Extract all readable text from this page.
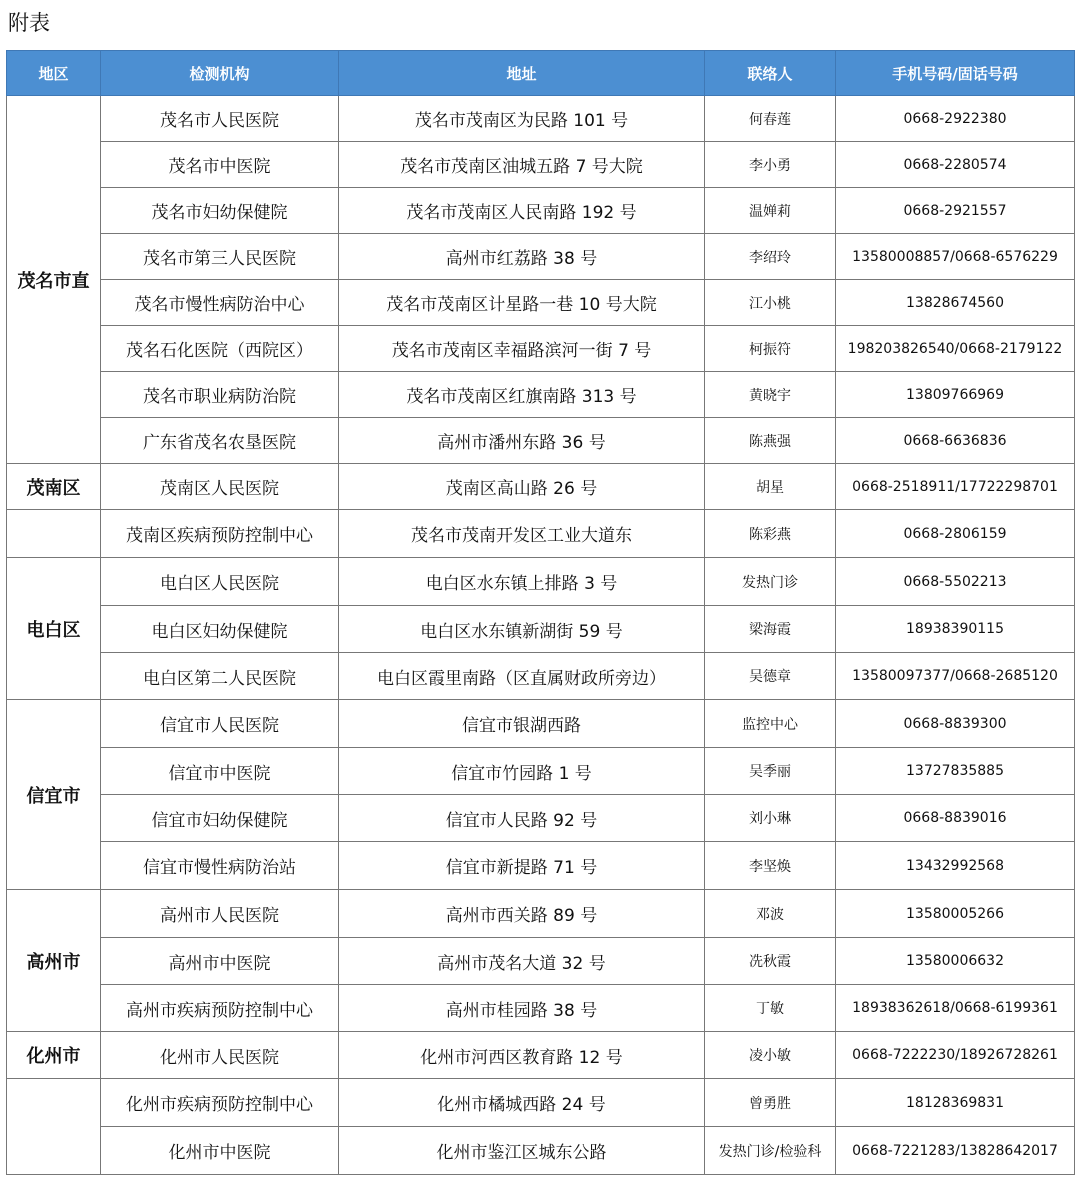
附表
地区	检测机构	地址	联络人	手机号码/固话号码
茂名市直	茂名市人民医院	茂名市茂南区为民路 101 号	何春莲	0668-2922380
	茂名市中医院	茂名市茂南区油城五路 7 号大院	李小勇	0668-2280574
	茂名市妇幼保健院	茂名市茂南区人民南路 192 号	温婵莉	0668-2921557
	茂名市第三人民医院	高州市红荔路 38 号	李绍玲	13580008857/0668-6576229
	茂名市慢性病防治中心	茂名市茂南区计星路一巷 10 号大院	江小桃	13828674560
	茂名石化医院（西院区）	茂名市茂南区幸福路滨河一街 7 号	柯振符	19820382654​0/0668-2179122
	茂名市职业病防治院	茂名市茂南区红旗南路 313 号	黄晓宇	13809766969
	广东省茂名农垦医院	高州市潘州东路 36 号	陈燕强	0668-6636836
茂南区	茂南区人民医院	茂南区高山路 26 号	胡星	0668-2518911/17722298701
	茂南区疾病预防控制中心	茂名市茂南开发区工业大道东	陈彩燕	0668-2806159
电白区	电白区人民医院	电白区水东镇上排路 3 号	发热门诊	0668-5502213
	电白区妇幼保健院	电白区水东镇新湖街 59 号	梁海霞	18938390115
	电白区第二人民医院	电白区霞里南路（区直属财政所旁边）	吴德章	13580097377/0668-2685120
信宜市	信宜市人民医院	信宜市银湖西路	监控中心	0668-8839300
	信宜市中医院	信宜市竹园路 1 号	吴季丽	13727835885
	信宜市妇幼保健院	信宜市人民路 92 号	刘小琳	0668-8839016
	信宜市慢性病防治站	信宜市新提路 71 号	李坚焕	13432992568
高州市	高州市人民医院	高州市西关路 89 号	邓波	13580005266
	高州市中医院	高州市茂名大道 32 号	冼秋霞	13580006632
	高州市疾病预防控制中心	高州市桂园路 38 号	丁敏	18938362618/0668-6199361
化州市	化州市人民医院	化州市河西区教育路 12 号	凌小敏	0668-7222230/18926728261
	化州市疾病预防控制中心	化州市橘城西路 24 号	曾勇胜	18128369831
	化州市中医院	化州市鉴江区城东公路	发热门诊/检验科	0668-7221283/13828642017
